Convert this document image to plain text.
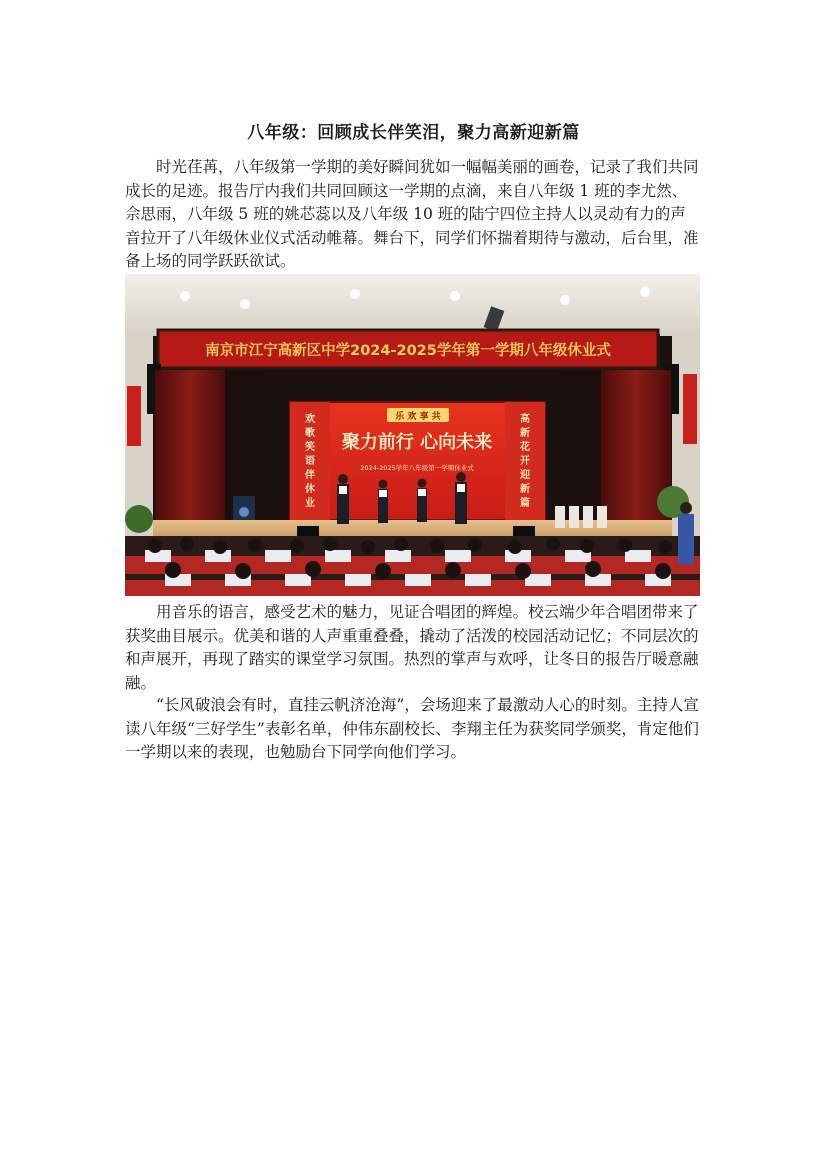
八年级：回顾成长伴笑泪，聚力高新迎新篇

时光荏苒，八年级第一学期的美好瞬间犹如一幅幅美丽的画卷，记录了我们共同成长的足迹。报告厅内我们共同回顾这一学期的点滴，来自八年级 1 班的李尤然、佘思雨，八年级 5 班的姚芯蕊以及八年级 10 班的陆宁四位主持人以灵动有力的声音拉开了八年级休业仪式活动帷幕。舞台下，同学们怀揣着期待与激动，后台里，准备上场的同学跃跃欲试。

南京市江宁高新区中学2024-2025学年第一学期八年级休业式
乐 欢 享 共
聚力前行 心向未来
2024-2025学年八年级第一学期休业式
欢歌笑语伴休业
高新花开迎新篇

用音乐的语言，感受艺术的魅力，见证合唱团的辉煌。校云端少年合唱团带来了获奖曲目展示。优美和谐的人声重重叠叠，撬动了活泼的校园活动记忆；不同层次的和声展开，再现了踏实的课堂学习氛围。热烈的掌声与欢呼，让冬日的报告厅暖意融融。

“长风破浪会有时，直挂云帆济沧海”，会场迎来了最激动人心的时刻。主持人宣读八年级“三好学生”表彰名单，仲伟东副校长、李翔主任为获奖同学颁奖，肯定他们一学期以来的表现，也勉励台下同学向他们学习。
